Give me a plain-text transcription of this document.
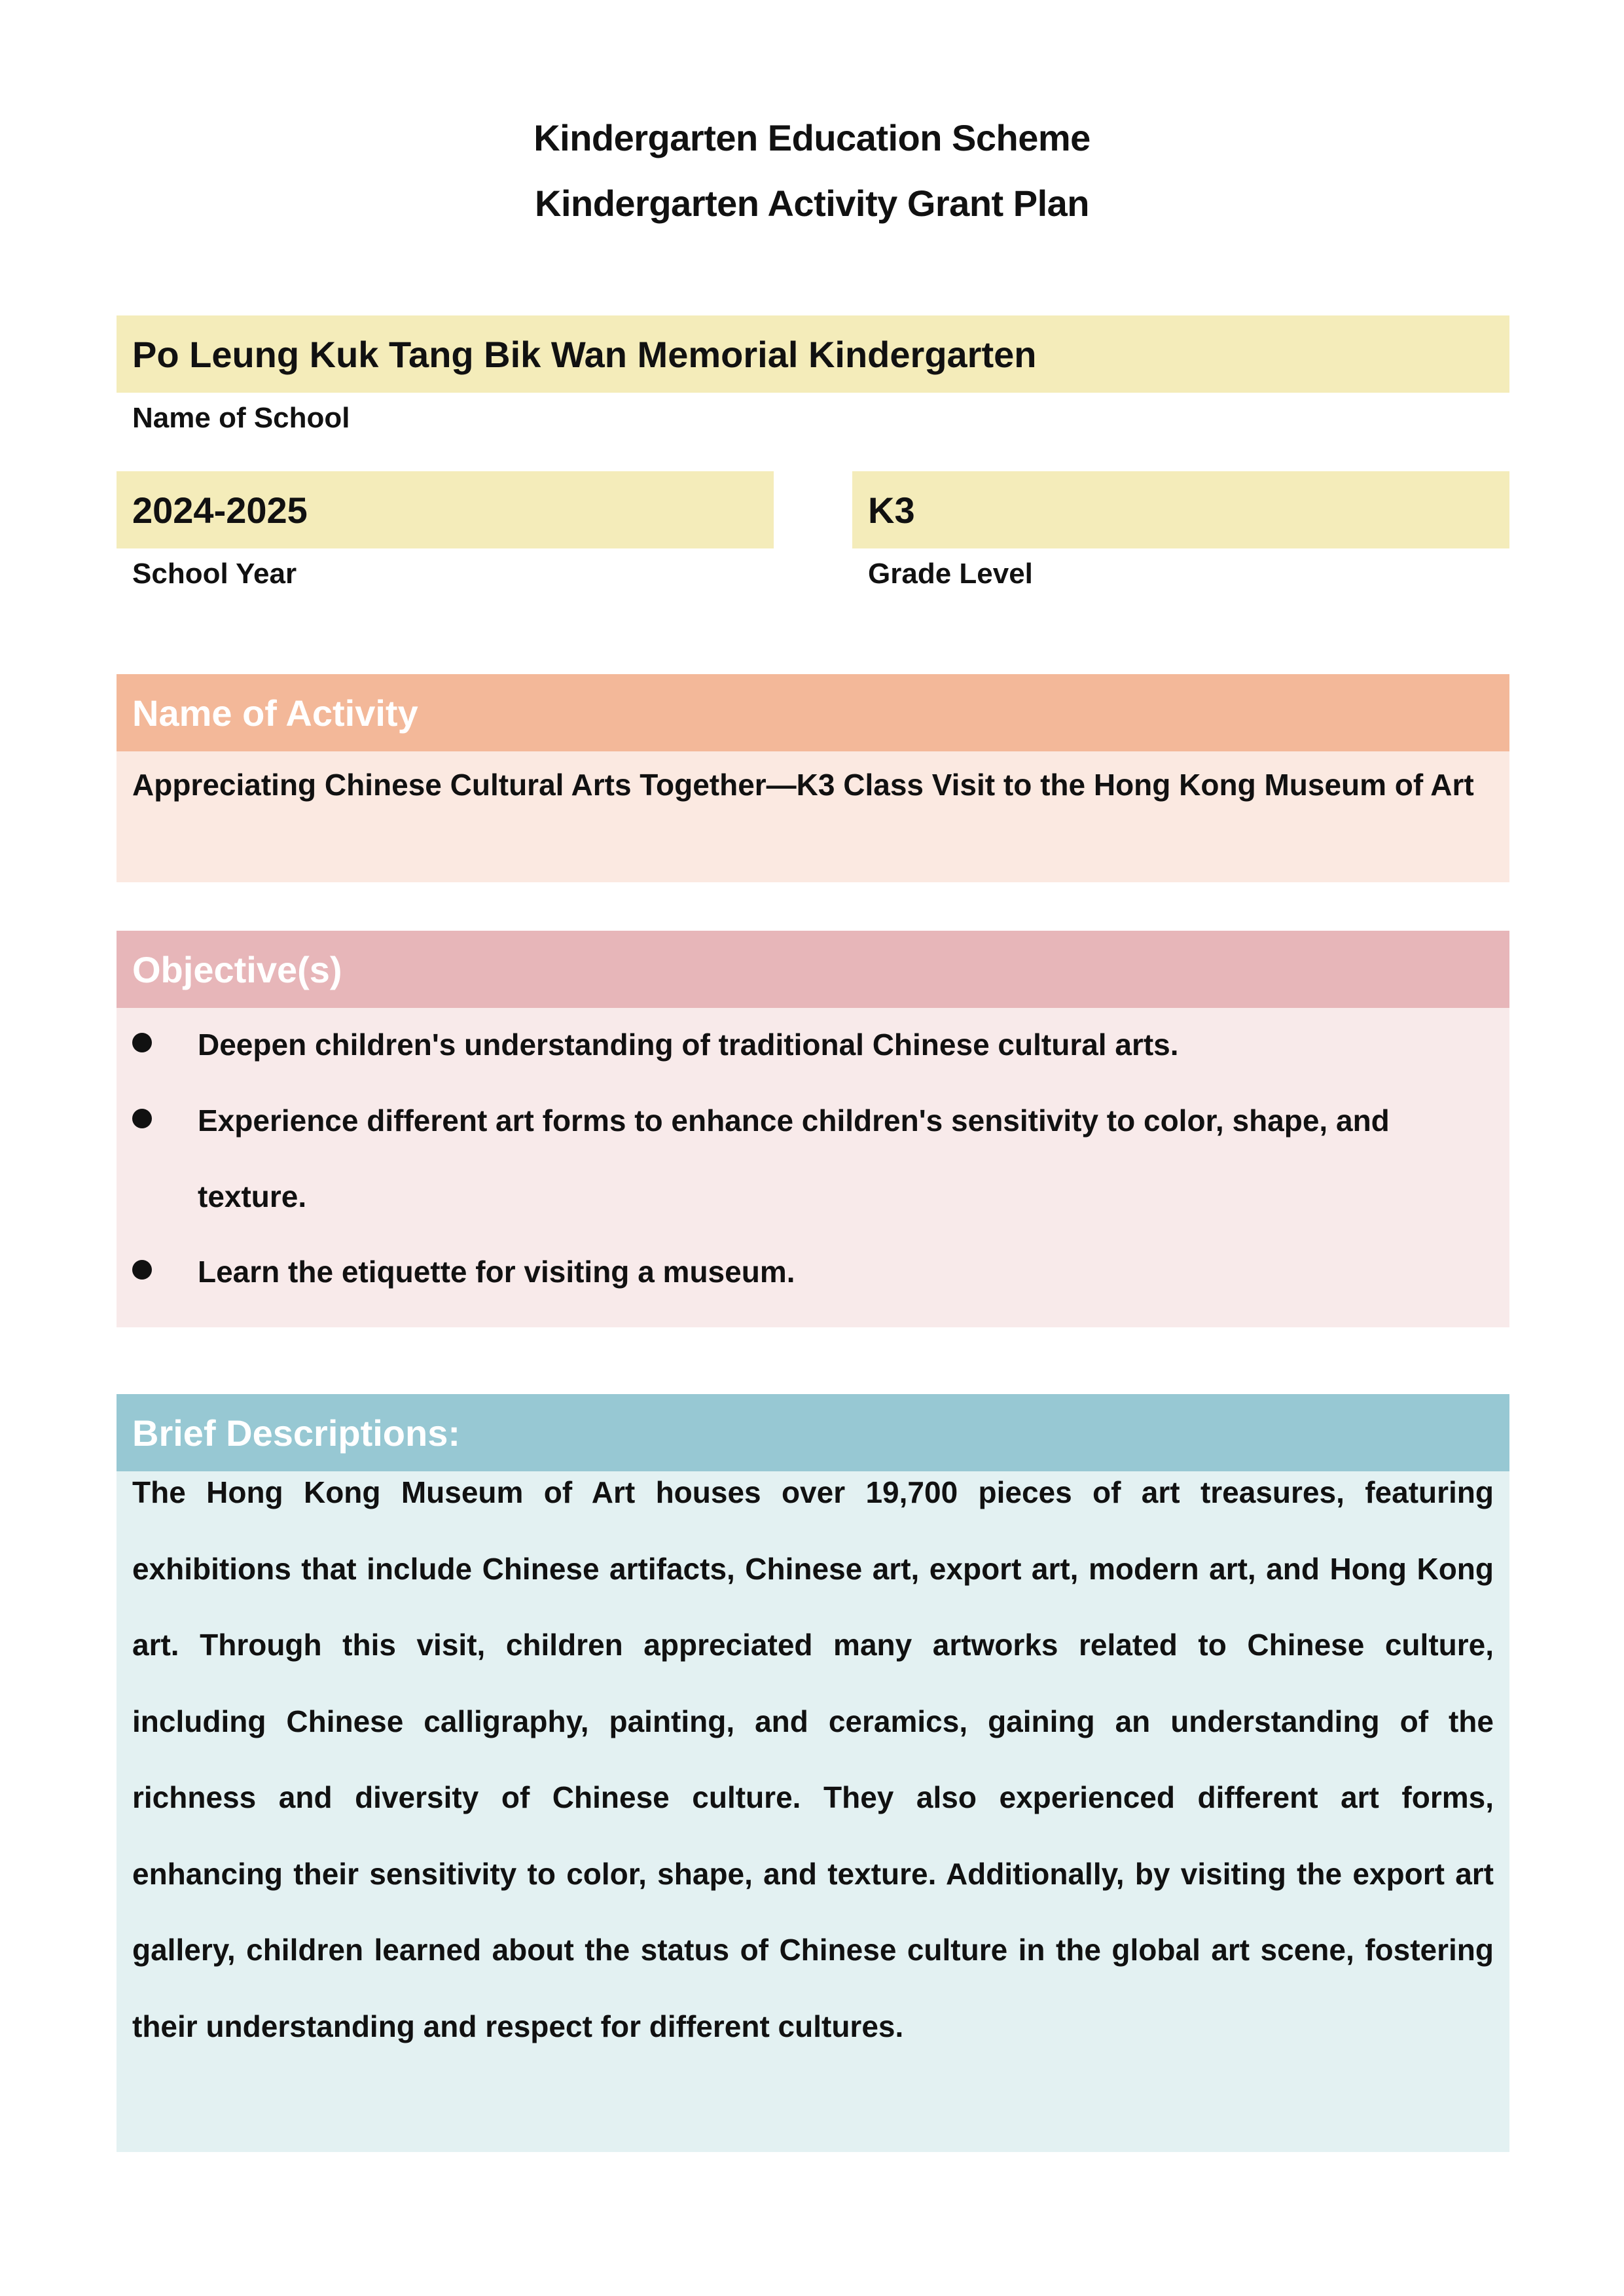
Kindergarten Education Scheme
Kindergarten Activity Grant Plan
Po Leung Kuk Tang Bik Wan Memorial Kindergarten
Name of School
2024-2025
School Year
K3
Grade Level
Name of Activity
Appreciating Chinese Cultural Arts Together—K3 Class Visit to the Hong Kong Museum of Art
Objective(s)
Deepen children's understanding of traditional Chinese cultural arts.
Experience different art forms to enhance children's sensitivity to color, shape, and texture.
Learn the etiquette for visiting a museum.
Brief Descriptions:
The Hong Kong Museum of Art houses over 19,700 pieces of art treasures, featuring exhibitions that include Chinese artifacts, Chinese art, export art, modern art, and Hong Kong art. Through this visit, children appreciated many artworks related to Chinese culture, including Chinese calligraphy, painting, and ceramics, gaining an understanding of the richness and diversity of Chinese culture. They also experienced different art forms, enhancing their sensitivity to color, shape, and texture. Additionally, by visiting the export art gallery, children learned about the status of Chinese culture in the global art scene, fostering their understanding and respect for different cultures.
